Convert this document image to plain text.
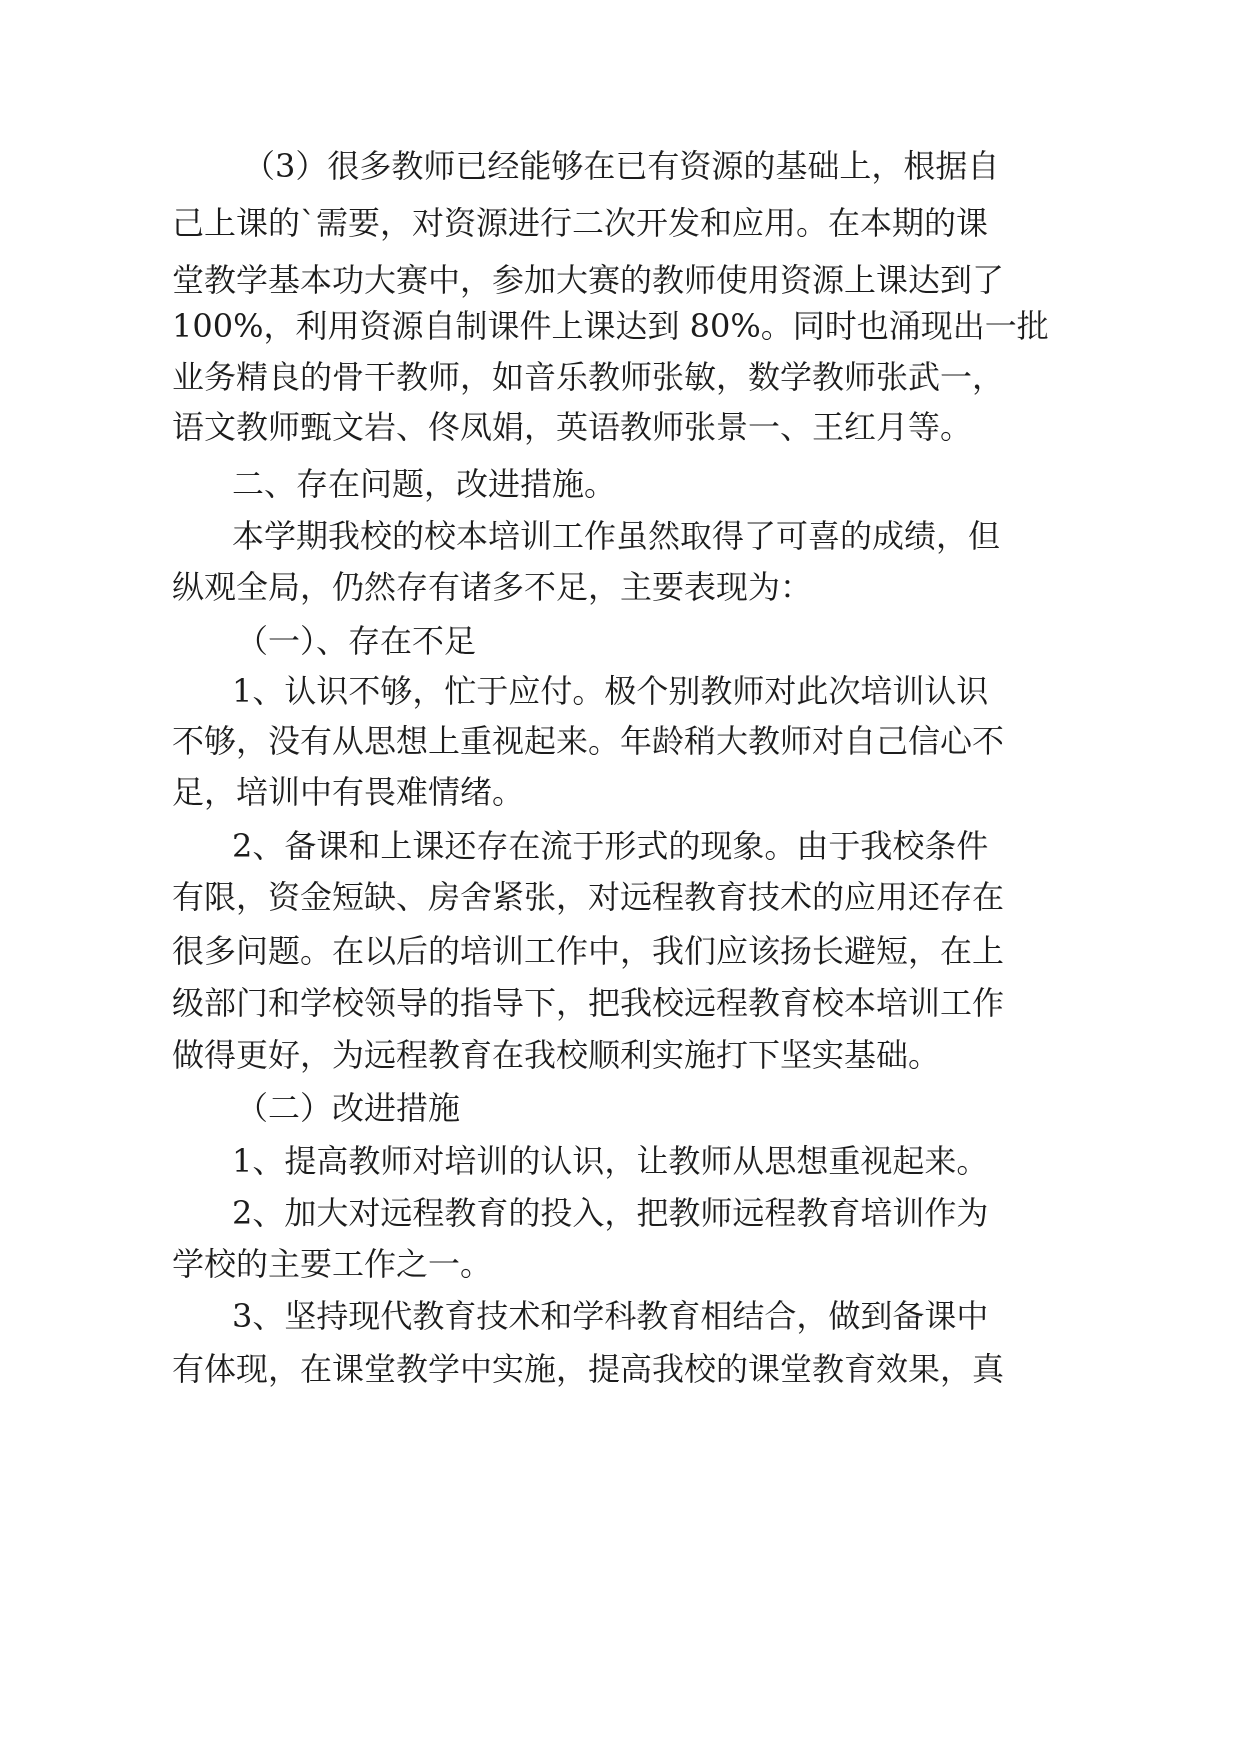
（3）很多教师已经能够在已有资源的基础上，根据自

己上课的`需要，对资源进行二次开发和应用。在本期的课

堂教学基本功大赛中，参加大赛的教师使用资源上课达到了

100%，利用资源自制课件上课达到 80%。同时也涌现出一批

业务精良的骨干教师，如音乐教师张敏，数学教师张武一，

语文教师甄文岩、佟凤娟，英语教师张景一、王红月等。

二、存在问题，改进措施。

本学期我校的校本培训工作虽然取得了可喜的成绩，但

纵观全局，仍然存有诸多不足，主要表现为：

（一）、存在不足

1、认识不够，忙于应付。极个别教师对此次培训认识

不够，没有从思想上重视起来。年龄稍大教师对自己信心不

足，培训中有畏难情绪。

2、备课和上课还存在流于形式的现象。由于我校条件

有限，资金短缺、房舍紧张，对远程教育技术的应用还存在

很多问题。在以后的培训工作中，我们应该扬长避短，在上

级部门和学校领导的指导下，把我校远程教育校本培训工作

做得更好，为远程教育在我校顺利实施打下坚实基础。

（二）改进措施

1、提高教师对培训的认识，让教师从思想重视起来。

2、加大对远程教育的投入，把教师远程教育培训作为

学校的主要工作之一。

3、坚持现代教育技术和学科教育相结合，做到备课中

有体现，在课堂教学中实施，提高我校的课堂教育效果，真
